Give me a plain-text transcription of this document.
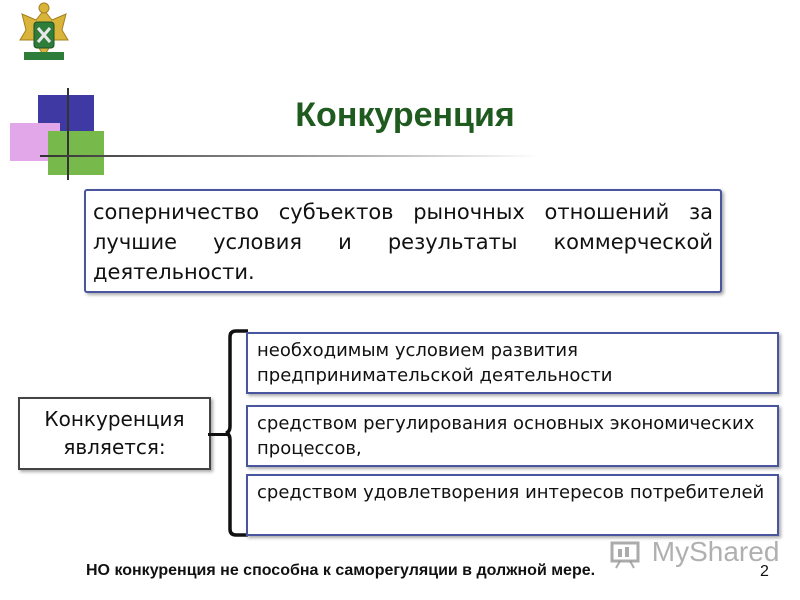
Конкуренция
соперничество субъектов рыночных отношений за лучшие условия и результаты коммерческой деятельности.
Конкуренция
является:
необходимым условием развития предпринимательской деятельности
средством регулирования основных экономических процессов,
средством удовлетворения интересов потребителей
MyShared
НО конкуренция не способна к саморегуляции в должной мере.	2
